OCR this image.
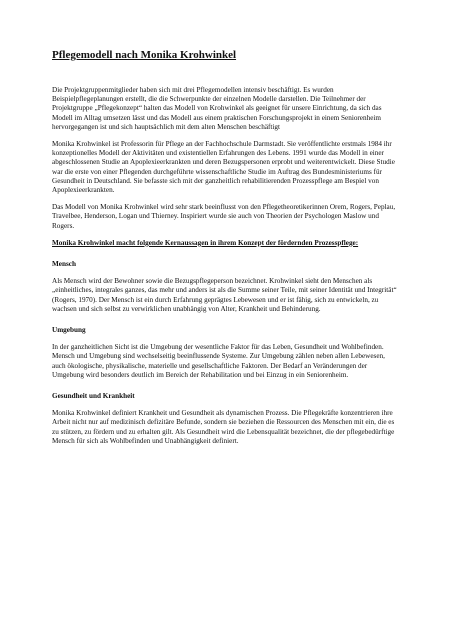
Pflegemodell nach Monika Krohwinkel

Die Projektgruppenmitglieder haben sich mit drei Pflegemodellen intensiv beschäftigt. Es wurden Beispielpflegeplanungen erstellt, die die Schwerpunkte der einzelnen Modelle darstellen. Die Teilnehmer der Projektgruppe „Pflegekonzept“ halten das Modell von Krohwinkel als geeignet für unsere Einrichtung, da sich das Modell im Alltag umsetzen lässt und das Modell aus einem praktischen Forschungsprojekt in einem Seniorenheim hervorgegangen ist und sich hauptsächlich mit dem alten Menschen beschäftigt

Monika Krohwinkel ist Professorin für Pflege an der Fachhochschule Darmstadt. Sie veröffentlichte erstmals 1984 ihr konzeptionelles Modell der Aktivitäten und existentiellen Erfahrungen des Lebens. 1991 wurde das Modell in einer abgeschlossenen Studie an Apoplexieerkrankten und deren Bezugspersonen erprobt und weiterentwickelt. Diese Studie war die erste von einer Pflegenden durchgeführte wissenschaftliche Studie im Auftrag des Bundesministeriums für Gesundheit in Deutschland. Sie befasste sich mit der ganzheitlich rehabilitierenden Prozesspflege am Bespiel von Apoplexieerkrankten.

Das Modell von Monika Krohwinkel wird sehr stark beeinflusst von den Pflegetheoretikerinnen Orem, Rogers, Peplau, Travelbee, Henderson, Logan und Thierney. Inspiriert wurde sie auch von Theorien der Psychologen Maslow und Rogers.

Monika Krohwinkel macht folgende Kernaussagen in ihrem Konzept der fördernden Prozesspflege:
Mensch

Als Mensch wird der Bewohner sowie die Bezugspflegeperson bezeichnet. Krohwinkel sieht den Menschen als „einheitliches, integrales ganzes, das mehr und anders ist als die Summe seiner Teile, mit seiner Identität und Integrität“ (Rogers, 1970). Der Mensch ist ein durch Erfahrung geprägtes Lebewesen und er ist fähig, sich zu entwickeln, zu wachsen und sich selbst zu verwirklichen unabhängig von Alter, Krankheit und Behinderung.

Umgebung

In der ganzheitlichen Sicht ist die Umgebung der wesentliche Faktor für das Leben, Gesundheit und Wohlbefinden. Mensch und Umgebung sind wechselseitig beeinflussende Systeme. Zur Umgebung zählen neben allen Lebewesen, auch ökologische, physikalische, materielle und gesellschaftliche Faktoren. Der Bedarf an Veränderungen der Umgebung wird besonders deutlich im Bereich der Rehabilitation und bei Einzug in ein Seniorenheim.

Gesundheit und Krankheit

Monika Krohwinkel definiert Krankheit und Gesundheit als dynamischen Prozess. Die Pflegekräfte konzentrieren ihre Arbeit nicht nur auf medizinisch defizitäre Befunde, sondern sie beziehen die Ressourcen des Menschen mit ein, die es zu stützen, zu fördern und zu erhalten gilt. Als Gesundheit wird die Lebensqualität bezeichnet, die der pflegebedürftige Mensch für sich als Wohlbefinden und Unabhängigkeit definiert.
